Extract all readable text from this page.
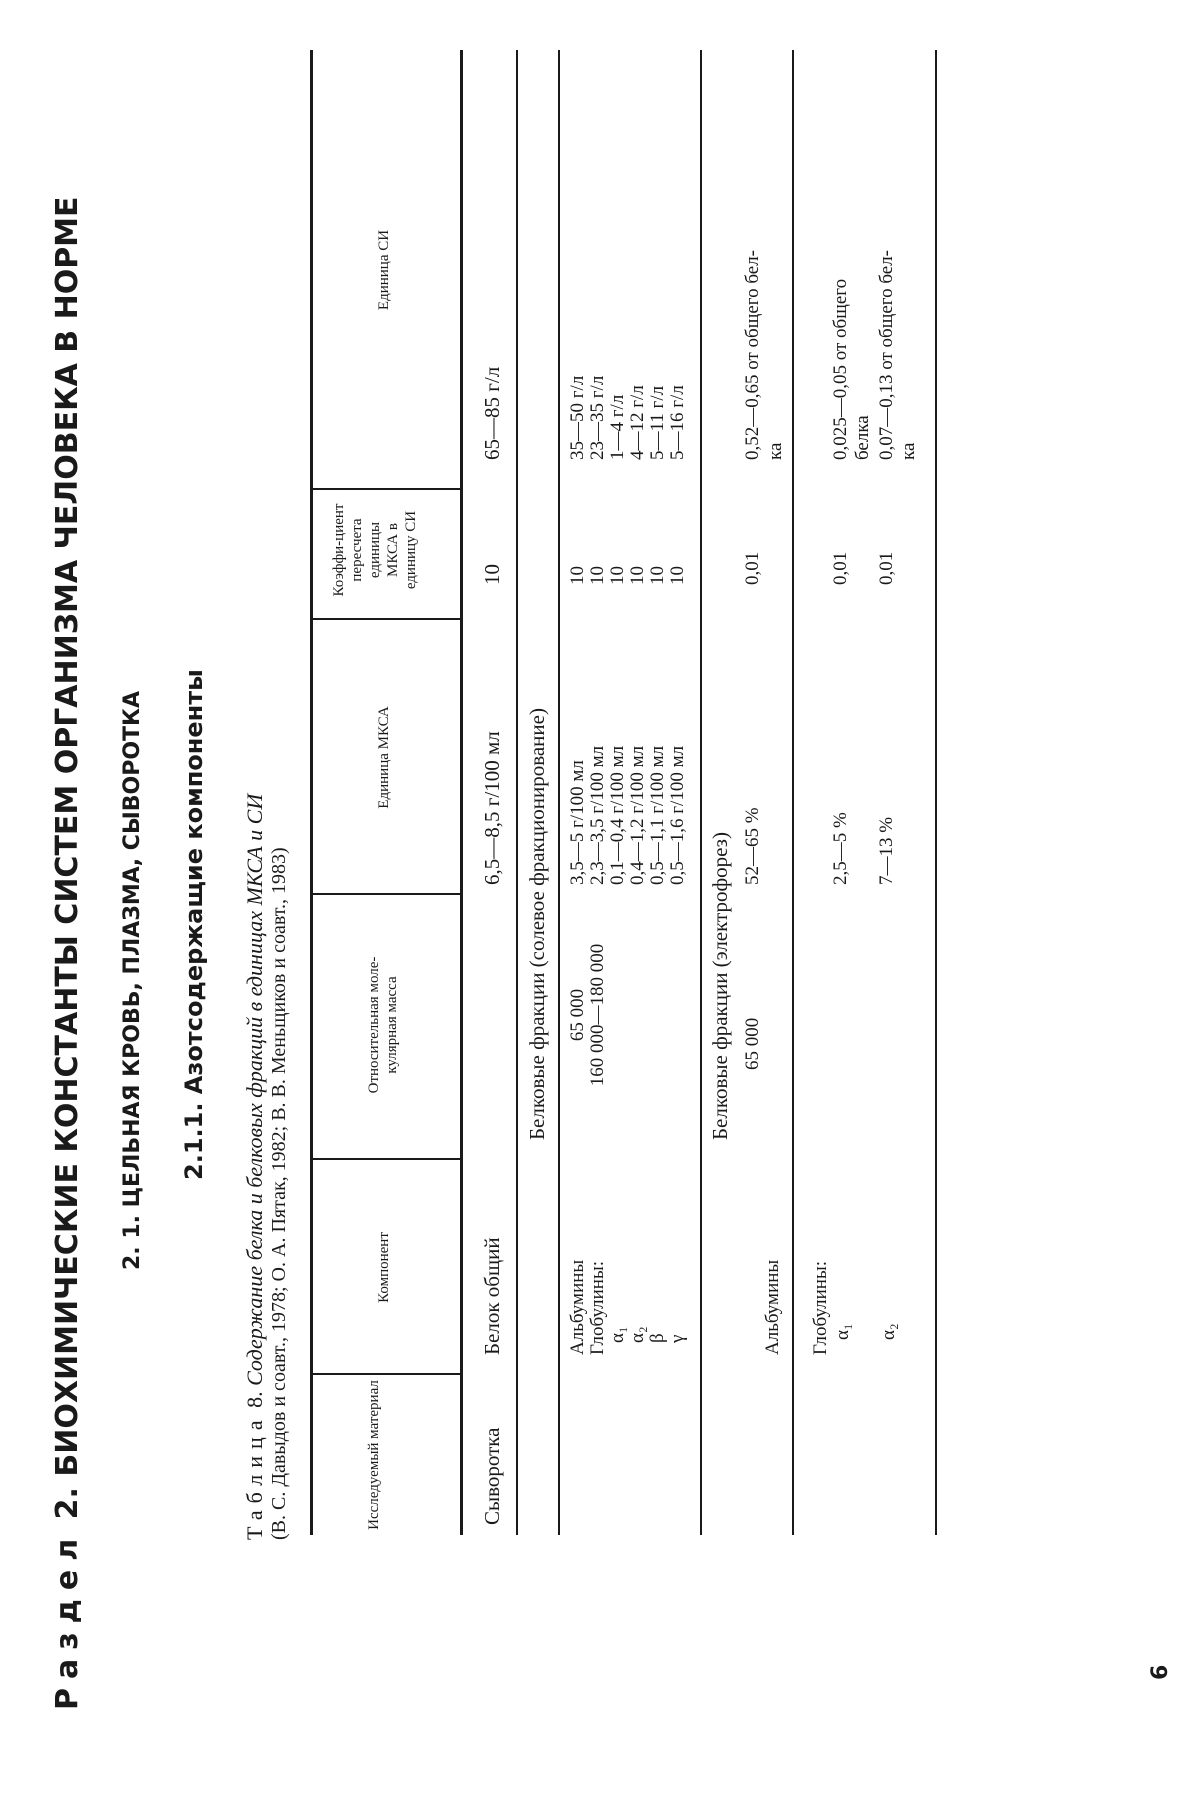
Раздел 2. БИОХИМИЧЕСКИЕ КОНСТАНТЫ СИСТЕМ ОРГАНИЗМА ЧЕЛОВЕКА В НОРМЕ 2. 1. ЦЕЛЬНАЯ КРОВЬ, ПЛАЗМА, СЫВОРОТКА 2.1.1. Азотсодержащие компоненты
Таблица 8. Содержание белка и белковых фракций в единицах МКСА и СИ (В. С. Давыдов и соавт., 1978; О. А. Пятак, 1982; В. В. Меньщиков и соавт., 1983)	Исследуемый материал
Компонент
Относительная моле-кулярная масса
Единица МКСА
Коэффи-циент пересчета единицы МКСА в единицу СИ
Единица СИ
Сыворотка
Белок общий
6,5—8,5 г/100 мл
10
65—85 г/л
Белковые фракции (солевое фракционирование)
Альбумины Глобулины: α₁ α₂ β γ
65 000 160 000—180 000
3,5—5 г/100 мл 2,3—3,5 г/100 мл 0,1—0,4 г/100 мл 0,4—1,2 г/100 мл 0,5—1,1 г/100 мл 0,5—1,6 г/100 мл
10 10 10 10 10 10
35—50 г/л 23—35 г/л 1—4 г/л 4—12 г/л 5—11 г/л 5—16 г/л
Белковые фракции (электрофорез)
Альбумины
65 000
52—65 %
0,01
0,52—0,65 от общего бел- ка
Глобулины: α₁
2,5—5 %
0,01
0,025—0,05 от общего белка
α₂
7—13 %
0,01
0,07—0,13 от общего бел- ка
6
